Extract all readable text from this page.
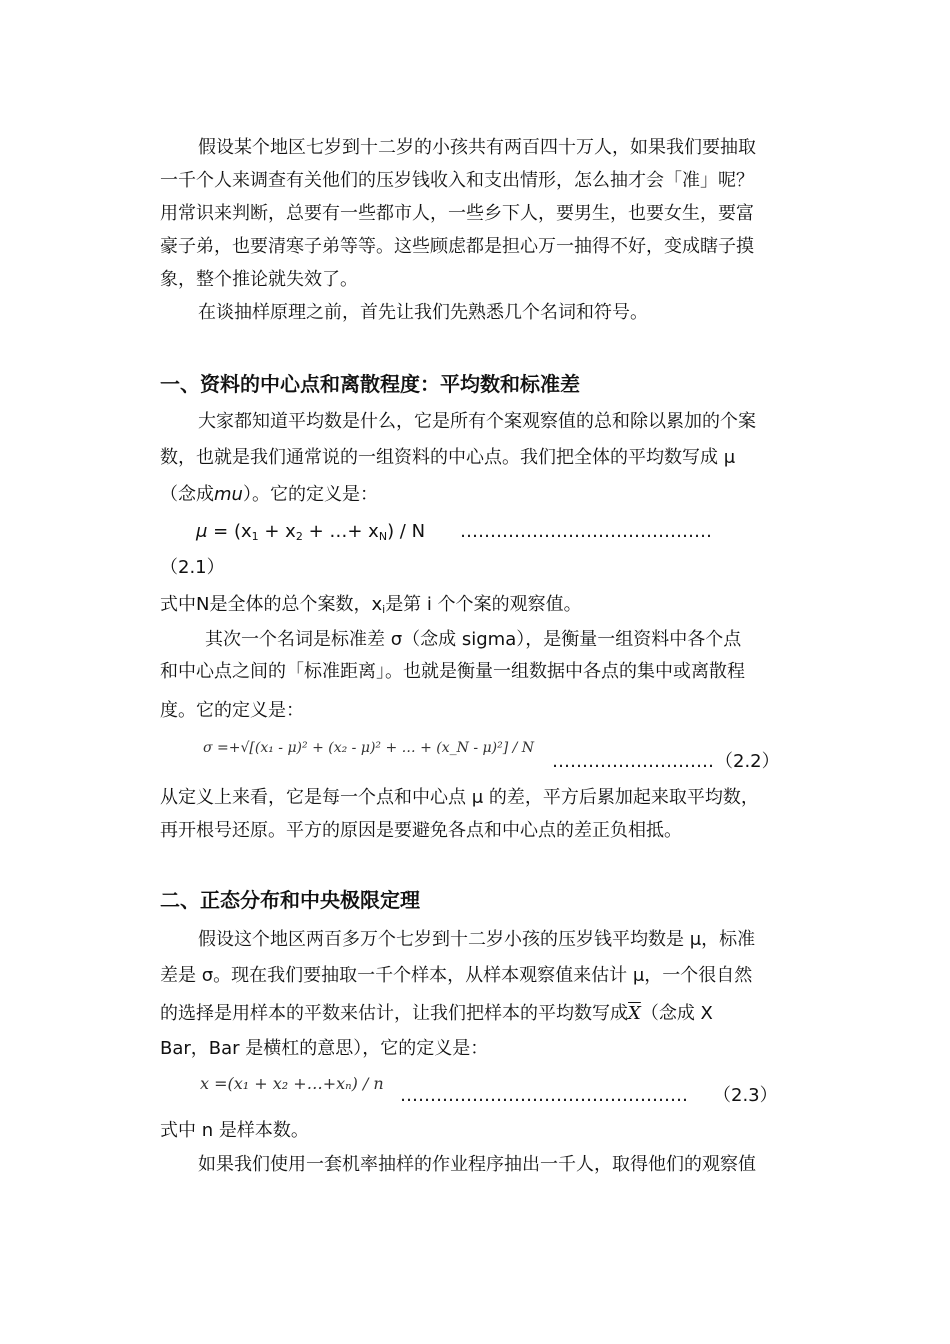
假设某个地区七岁到十二岁的小孩共有两百四十万人，如果我们要抽取
一千个人来调查有关他们的压岁钱收入和支出情形，怎么抽才会「准」呢？
用常识来判断，总要有一些都市人，一些乡下人，要男生，也要女生，要富
豪子弟，也要清寒子弟等等。这些顾虑都是担心万一抽得不好，变成瞎子摸
象，整个推论就失效了。
在谈抽样原理之前，首先让我们先熟悉几个名词和符号。
一、资料的中心点和离散程度：平均数和标准差
大家都知道平均数是什么，它是所有个案观察值的总和除以累加的个案
数，也就是我们通常说的一组资料的中心点。我们把全体的平均数写成 μ
（念成mu）。它的定义是：
$\mu = (x_1 + x_2$ + …+ $x_N$) / N ……………………………………
（2.1）
式中N是全体的总个案数，$x_i$是第 i 个个案的观察值。
其次一个名词是标准差 σ（念成 sigma），是衡量一组资料中各个点
和中心点之间的「标准距离」。也就是衡量一组数据中各点的集中或离散程
度。它的定义是：
σ =+√[(x₁ - μ)² + (x₂ - μ)² + … + (x_N - μ)²] / N
……………………… （2.2）
从定义上来看，它是每一个点和中心点 μ 的差，平方后累加起来取平均数，
再开根号还原。平方的原因是要避免各点和中心点的差正负相抵。
二、正态分布和中央极限定理
假设这个地区两百多万个七岁到十二岁小孩的压岁钱平均数是 μ，标准
差是 σ。现在我们要抽取一千个样本，从样本观察值来估计 μ，一个很自然
的选择是用样本的平数来估计，让我们把样本的平均数写成$\overline{X}$（念成 X
Bar，Bar 是横杠的意思），它的定义是：
x =(x₁ + x₂ +…+xₙ) / n
………………………………………… （2.3）
式中 n 是样本数。
如果我们使用一套机率抽样的作业程序抽出一千人，取得他们的观察值
